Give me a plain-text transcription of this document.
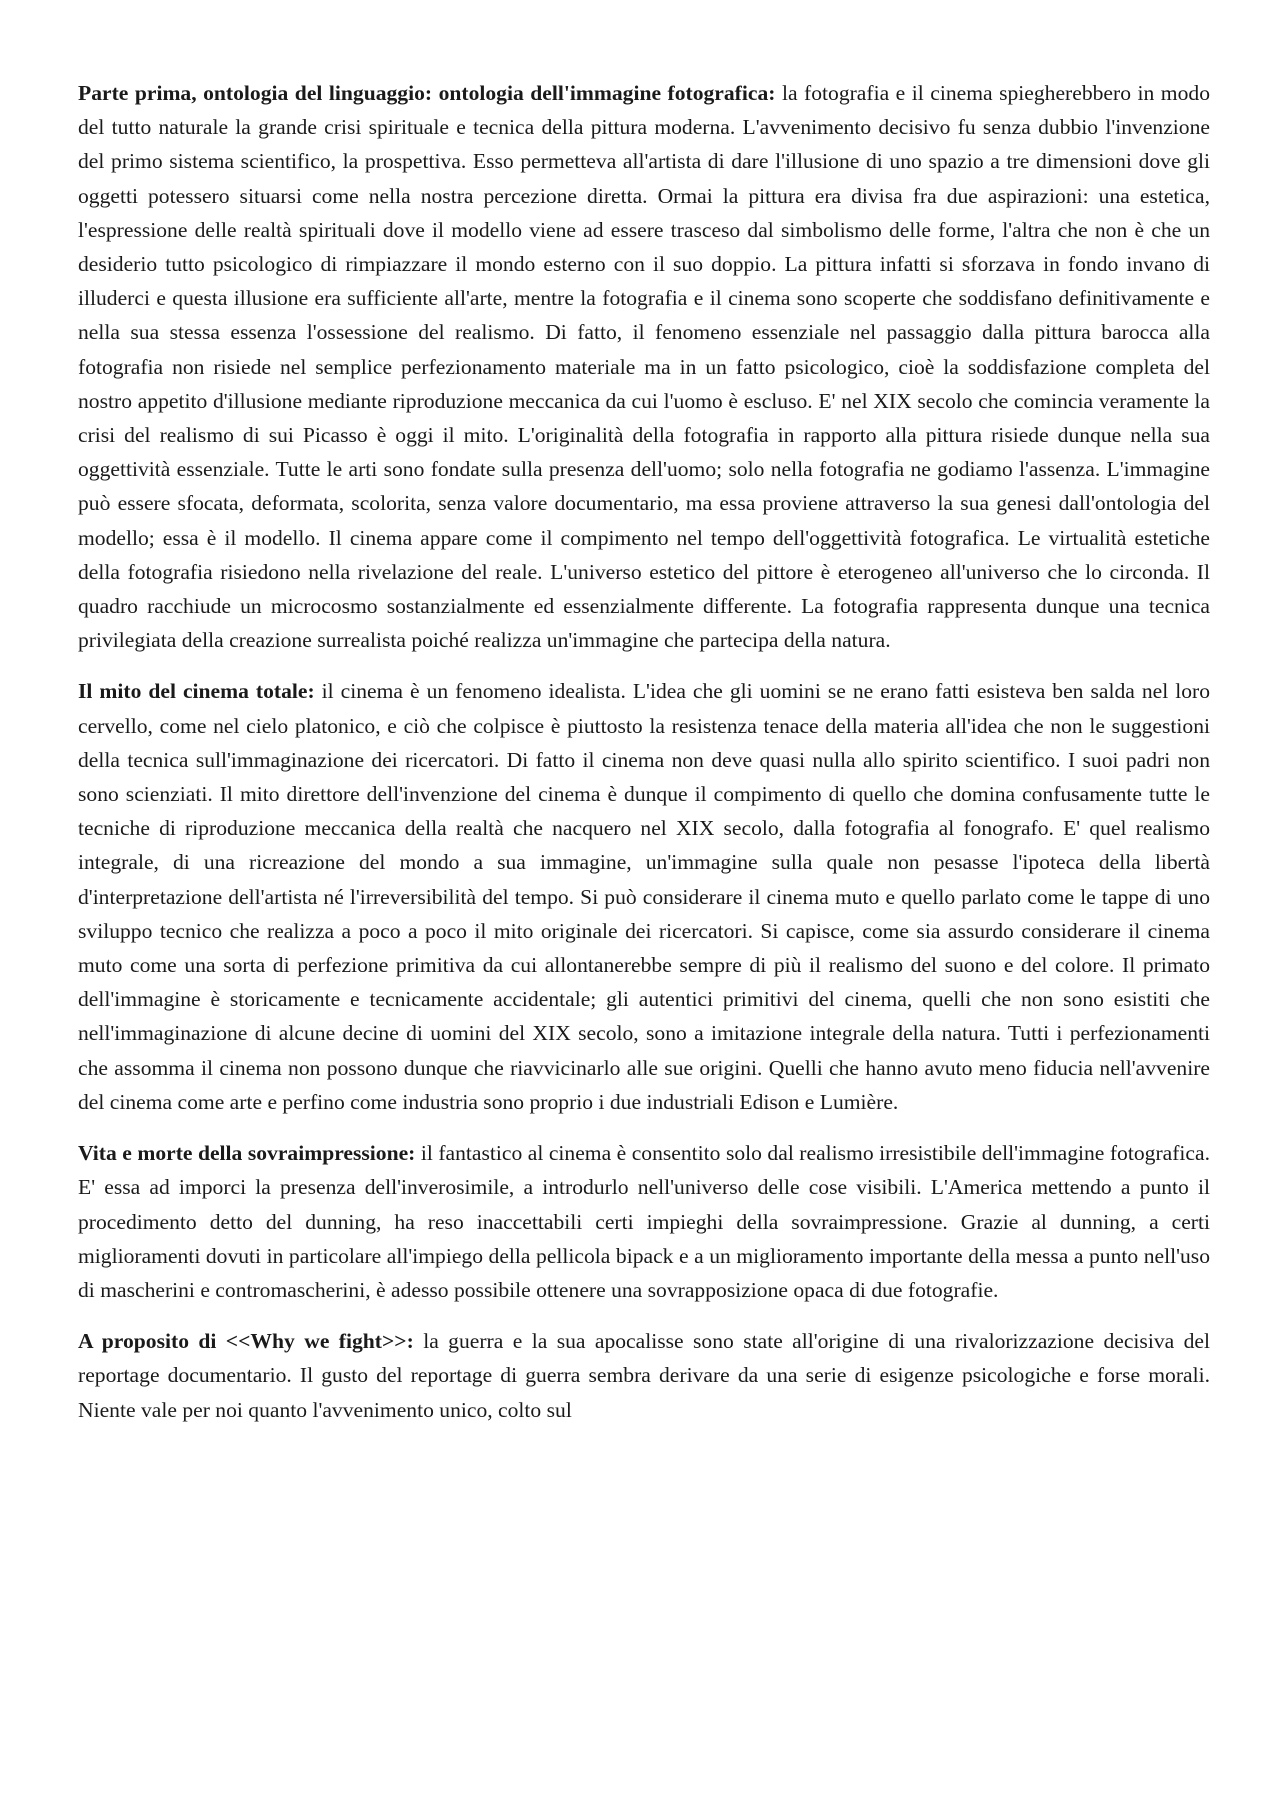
Parte prima, ontologia del linguaggio: ontologia dell'immagine fotografica: la fotografia e il cinema spiegherebbero in modo del tutto naturale la grande crisi spirituale e tecnica della pittura moderna. L'avvenimento decisivo fu senza dubbio l'invenzione del primo sistema scientifico, la prospettiva. Esso permetteva all'artista di dare l'illusione di uno spazio a tre dimensioni dove gli oggetti potessero situarsi come nella nostra percezione diretta. Ormai la pittura era divisa fra due aspirazioni: una estetica, l'espressione delle realtà spirituali dove il modello viene ad essere trasceso dal simbolismo delle forme, l'altra che non è che un desiderio tutto psicologico di rimpiazzare il mondo esterno con il suo doppio. La pittura infatti si sforzava in fondo invano di illuderci e questa illusione era sufficiente all'arte, mentre la fotografia e il cinema sono scoperte che soddisfano definitivamente e nella sua stessa essenza l'ossessione del realismo. Di fatto, il fenomeno essenziale nel passaggio dalla pittura barocca alla fotografia non risiede nel semplice perfezionamento materiale ma in un fatto psicologico, cioè la soddisfazione completa del nostro appetito d'illusione mediante riproduzione meccanica da cui l'uomo è escluso. E' nel XIX secolo che comincia veramente la crisi del realismo di sui Picasso è oggi il mito. L'originalità della fotografia in rapporto alla pittura risiede dunque nella sua oggettività essenziale. Tutte le arti sono fondate sulla presenza dell'uomo; solo nella fotografia ne godiamo l'assenza. L'immagine può essere sfocata, deformata, scolorita, senza valore documentario, ma essa proviene attraverso la sua genesi dall'ontologia del modello; essa è il modello. Il cinema appare come il compimento nel tempo dell'oggettività fotografica. Le virtualità estetiche della fotografia risiedono nella rivelazione del reale. L'universo estetico del pittore è eterogeneo all'universo che lo circonda. Il quadro racchiude un microcosmo sostanzialmente ed essenzialmente differente. La fotografia rappresenta dunque una tecnica privilegiata della creazione surrealista poiché realizza un'immagine che partecipa della natura.

Il mito del cinema totale: il cinema è un fenomeno idealista. L'idea che gli uomini se ne erano fatti esisteva ben salda nel loro cervello, come nel cielo platonico, e ciò che colpisce è piuttosto la resistenza tenace della materia all'idea che non le suggestioni della tecnica sull'immaginazione dei ricercatori. Di fatto il cinema non deve quasi nulla allo spirito scientifico. I suoi padri non sono scienziati. Il mito direttore dell'invenzione del cinema è dunque il compimento di quello che domina confusamente tutte le tecniche di riproduzione meccanica della realtà che nacquero nel XIX secolo, dalla fotografia al fonografo. E' quel realismo integrale, di una ricreazione del mondo a sua immagine, un'immagine sulla quale non pesasse l'ipoteca della libertà d'interpretazione dell'artista né l'irreversibilità del tempo. Si può considerare il cinema muto e quello parlato come le tappe di uno sviluppo tecnico che realizza a poco a poco il mito originale dei ricercatori. Si capisce, come sia assurdo considerare il cinema muto come una sorta di perfezione primitiva da cui allontanerebbe sempre di più il realismo del suono e del colore. Il primato dell'immagine è storicamente e tecnicamente accidentale; gli autentici primitivi del cinema, quelli che non sono esistiti che nell'immaginazione di alcune decine di uomini del XIX secolo, sono a imitazione integrale della natura. Tutti i perfezionamenti che assomma il cinema non possono dunque che riavvicinarlo alle sue origini. Quelli che hanno avuto meno fiducia nell'avvenire del cinema come arte e perfino come industria sono proprio i due industriali Edison e Lumière.

Vita e morte della sovraimpressione: il fantastico al cinema è consentito solo dal realismo irresistibile dell'immagine fotografica. E' essa ad imporci la presenza dell'inverosimile, a introdurlo nell'universo delle cose visibili. L'America mettendo a punto il procedimento detto del dunning, ha reso inaccettabili certi impieghi della sovraimpressione. Grazie al dunning, a certi miglioramenti dovuti in particolare all'impiego della pellicola bipack e a un miglioramento importante della messa a punto nell'uso di mascherini e contromascherini, è adesso possibile ottenere una sovrapposizione opaca di due fotografie.

A proposito di <<Why we fight>>: la guerra e la sua apocalisse sono state all'origine di una rivalorizzazione decisiva del reportage documentario. Il gusto del reportage di guerra sembra derivare da una serie di esigenze psicologiche e forse morali. Niente vale per noi quanto l'avvenimento unico, colto sul
